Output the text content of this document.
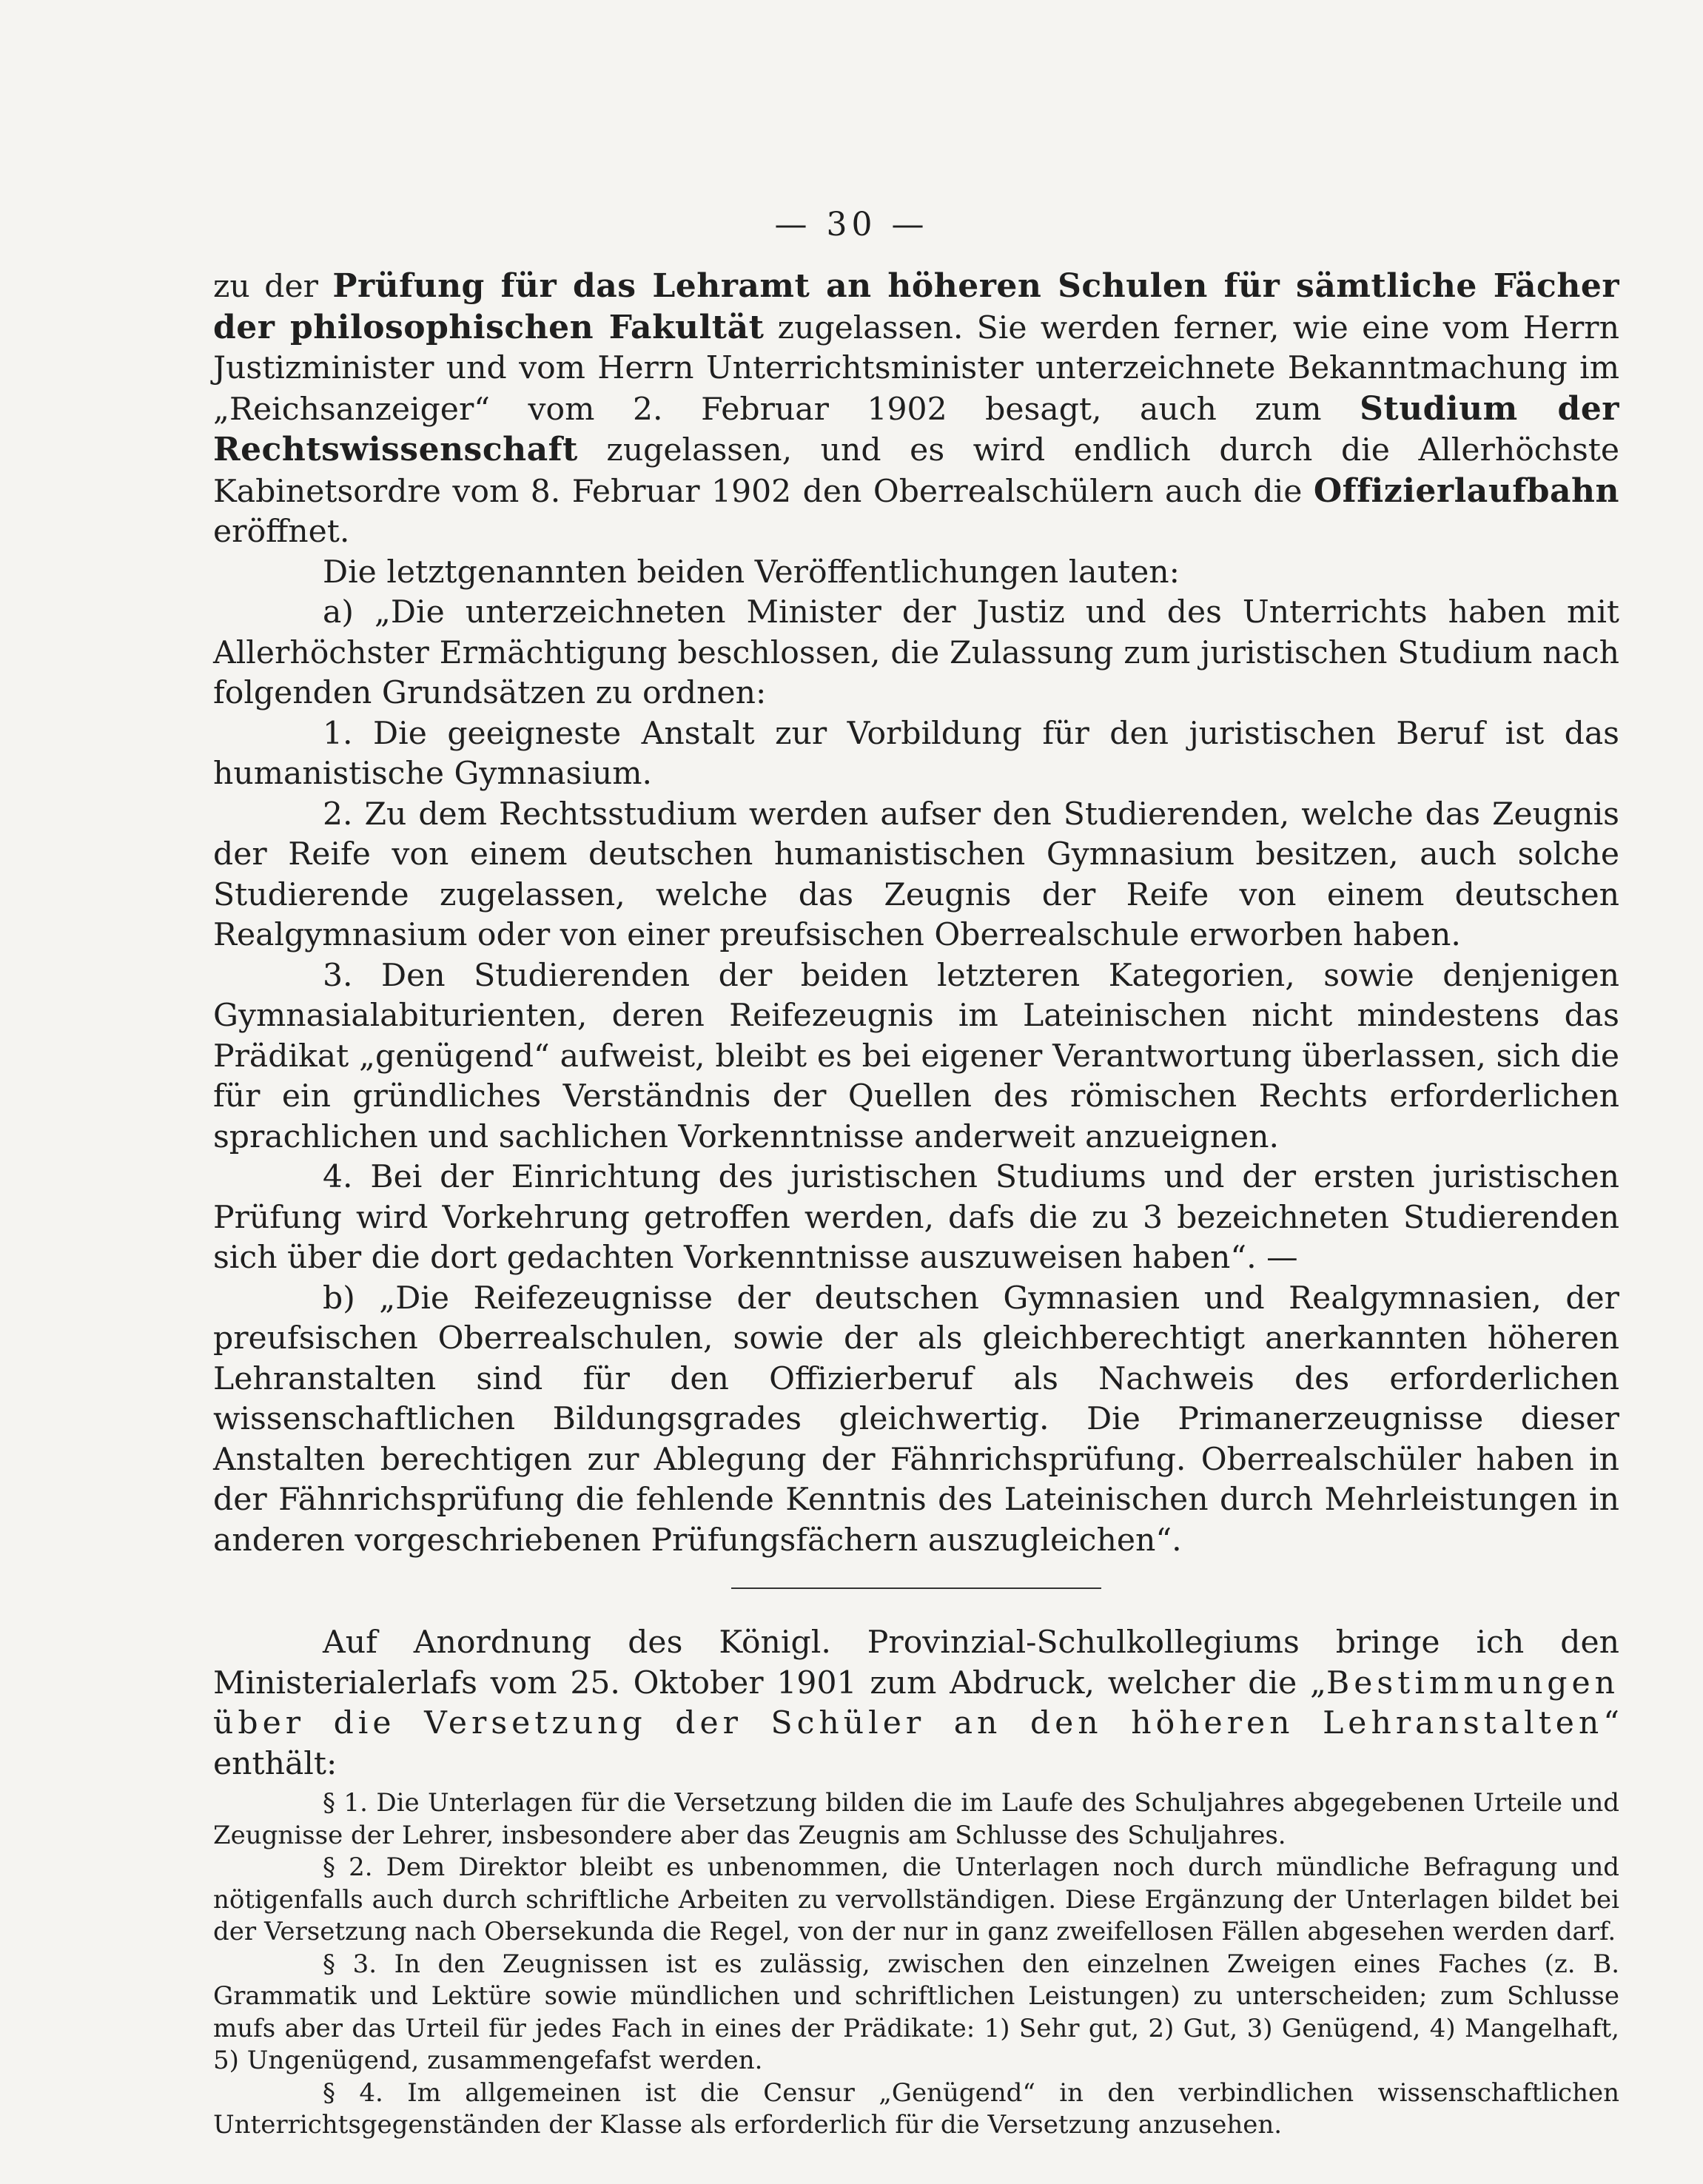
— 30 —

zu der Prüfung für das Lehramt an höheren Schulen für sämtliche Fächer der philosophischen Fakultät zugelassen. Sie werden ferner, wie eine vom Herrn Justizminister und vom Herrn Unterrichtsminister unterzeichnete Bekanntmachung im „Reichsanzeiger“ vom 2. Februar 1902 besagt, auch zum Studium der Rechtswissenschaft zugelassen, und es wird endlich durch die Allerhöchste Kabinetsordre vom 8. Februar 1902 den Oberrealschülern auch die Offizierlaufbahn eröffnet.

Die letztgenannten beiden Veröffentlichungen lauten:

a) „Die unterzeichneten Minister der Justiz und des Unterrichts haben mit Allerhöchster Ermächtigung beschlossen, die Zulassung zum juristischen Studium nach folgenden Grundsätzen zu ordnen:

1. Die geeigneste Anstalt zur Vorbildung für den juristischen Beruf ist das humanistische Gymnasium.

2. Zu dem Rechtsstudium werden aufser den Studierenden, welche das Zeugnis der Reife von einem deutschen humanistischen Gymnasium besitzen, auch solche Studierende zugelassen, welche das Zeugnis der Reife von einem deutschen Realgymnasium oder von einer preufsischen Oberrealschule erworben haben.

3. Den Studierenden der beiden letzteren Kategorien, sowie denjenigen Gymnasialabiturienten, deren Reifezeugnis im Lateinischen nicht mindestens das Prädikat „genügend“ aufweist, bleibt es bei eigener Verantwortung überlassen, sich die für ein gründliches Verständnis der Quellen des römischen Rechts erforderlichen sprachlichen und sachlichen Vorkenntnisse anderweit anzueignen.

4. Bei der Einrichtung des juristischen Studiums und der ersten juristischen Prüfung wird Vorkehrung getroffen werden, dafs die zu 3 bezeichneten Studierenden sich über die dort gedachten Vorkenntnisse auszuweisen haben“. —

b) „Die Reifezeugnisse der deutschen Gymnasien und Realgymnasien, der preufsischen Oberrealschulen, sowie der als gleichberechtigt anerkannten höheren Lehranstalten sind für den Offizierberuf als Nachweis des erforderlichen wissenschaftlichen Bildungsgrades gleichwertig. Die Primanerzeugnisse dieser Anstalten berechtigen zur Ablegung der Fähnrichsprüfung. Oberrealschüler haben in der Fähnrichsprüfung die fehlende Kenntnis des Lateinischen durch Mehrleistungen in anderen vorgeschriebenen Prüfungsfächern auszugleichen“.

Auf Anordnung des Königl. Provinzial-Schulkollegiums bringe ich den Ministerialerlafs vom 25. Oktober 1901 zum Abdruck, welcher die „Bestimmungen über die Versetzung der Schüler an den höheren Lehranstalten“ enthält:

§ 1. Die Unterlagen für die Versetzung bilden die im Laufe des Schuljahres abgegebenen Urteile und Zeugnisse der Lehrer, insbesondere aber das Zeugnis am Schlusse des Schuljahres.

§ 2. Dem Direktor bleibt es unbenommen, die Unterlagen noch durch mündliche Befragung und nötigenfalls auch durch schriftliche Arbeiten zu vervollständigen. Diese Ergänzung der Unterlagen bildet bei der Versetzung nach Obersekunda die Regel, von der nur in ganz zweifellosen Fällen abgesehen werden darf.

§ 3. In den Zeugnissen ist es zulässig, zwischen den einzelnen Zweigen eines Faches (z. B. Grammatik und Lektüre sowie mündlichen und schriftlichen Leistungen) zu unterscheiden; zum Schlusse mufs aber das Urteil für jedes Fach in eines der Prädikate: 1) Sehr gut, 2) Gut, 3) Genügend, 4) Mangelhaft, 5) Ungenügend, zusammengefafst werden.

§ 4. Im allgemeinen ist die Censur „Genügend“ in den verbindlichen wissenschaftlichen Unterrichtsgegenständen der Klasse als erforderlich für die Versetzung anzusehen.
